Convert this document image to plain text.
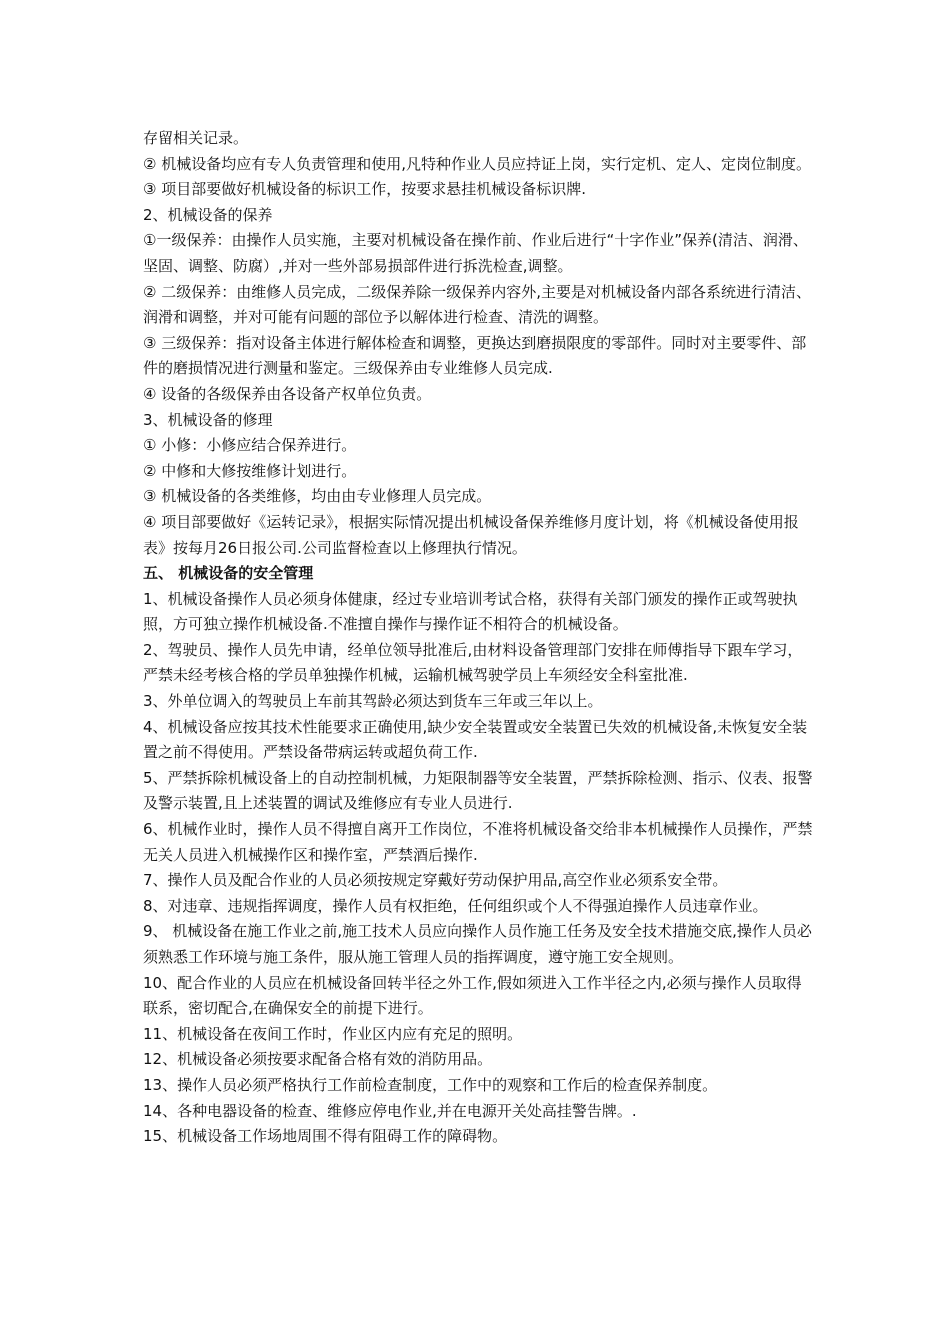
存留相关记录。

② 机械设备均应有专人负责管理和使用,凡特种作业人员应持证上岗，实行定机、定人、定岗位制度。

③ 项目部要做好机械设备的标识工作，按要求悬挂机械设备标识牌.

2、机械设备的保养

①一级保养：由操作人员实施，主要对机械设备在操作前、作业后进行“十字作业”保养(清洁、润滑、坚固、调整、防腐）,并对一些外部易损部件进行拆洗检查,调整。

② 二级保养：由维修人员完成，二级保养除一级保养内容外,主要是对机械设备内部各系统进行清洁、润滑和调整，并对可能有问题的部位予以解体进行检查、清洗的调整。

③ 三级保养：指对设备主体进行解体检查和调整，更换达到磨损限度的零部件。同时对主要零件、部件的磨损情况进行测量和鉴定。三级保养由专业维修人员完成.

④ 设备的各级保养由各设备产权单位负责。

3、机械设备的修理

① 小修：小修应结合保养进行。

② 中修和大修按维修计划进行。

③ 机械设备的各类维修，均由由专业修理人员完成。

④ 项目部要做好《运转记录》，根据实际情况提出机械设备保养维修月度计划，将《机械设备使用报表》按每月26日报公司.公司监督检查以上修理执行情况。

五、 机械设备的安全管理

1、机械设备操作人员必须身体健康，经过专业培训考试合格，获得有关部门颁发的操作正或驾驶执照，方可独立操作机械设备.不准擅自操作与操作证不相符合的机械设备。

2、驾驶员、操作人员先申请，经单位领导批准后,由材料设备管理部门安排在师傅指导下跟车学习，严禁未经考核合格的学员单独操作机械，运输机械驾驶学员上车须经安全科室批准.

3、外单位调入的驾驶员上车前其驾龄必须达到货车三年或三年以上。

4、机械设备应按其技术性能要求正确使用,缺少安全装置或安全装置已失效的机械设备,未恢复安全装置之前不得使用。严禁设备带病运转或超负荷工作.

5、严禁拆除机械设备上的自动控制机械，力矩限制器等安全装置，严禁拆除检测、指示、仪表、报警及警示装置,且上述装置的调试及维修应有专业人员进行.

6、机械作业时，操作人员不得擅自离开工作岗位，不准将机械设备交给非本机械操作人员操作，严禁无关人员进入机械操作区和操作室，严禁酒后操作.

7、操作人员及配合作业的人员必须按规定穿戴好劳动保护用品,高空作业必须系安全带。

8、对违章、违规指挥调度，操作人员有权拒绝，任何组织或个人不得强迫操作人员违章作业。

9、 机械设备在施工作业之前,施工技术人员应向操作人员作施工任务及安全技术措施交底,操作人员必须熟悉工作环境与施工条件，服从施工管理人员的指挥调度，遵守施工安全规则。

10、配合作业的人员应在机械设备回转半径之外工作,假如须进入工作半径之内,必须与操作人员取得联系，密切配合,在确保安全的前提下进行。

11、机械设备在夜间工作时，作业区内应有充足的照明。

12、机械设备必须按要求配备合格有效的消防用品。

13、操作人员必须严格执行工作前检查制度，工作中的观察和工作后的检查保养制度。

14、各种电器设备的检查、维修应停电作业,并在电源开关处高挂警告牌。.

15、机械设备工作场地周围不得有阻碍工作的障碍物。
